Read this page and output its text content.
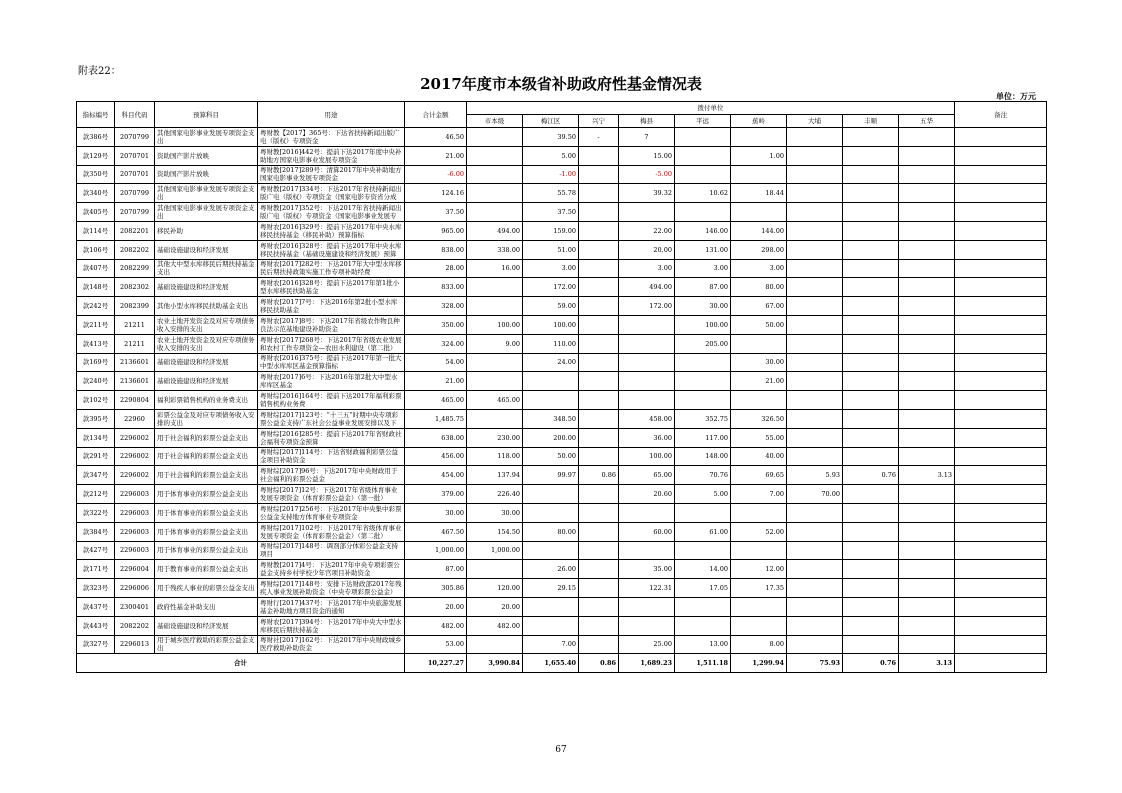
附表22：
2017年度市本级省补助政府性基金情况表
单位：万元
指标编号	科目代码	预算科目	用途	合计金额	拨付单位									备注
					市本级	梅江区	兴宁	梅县	平远	蕉岭	大埔	丰顺	五华	

款386号	2070799	其他国家电影事业发展专项资金支出	粤财教【2017】365号：下达省扶持新闻出版广电（版权）专项资金	46.50		39.50	-	7						

款129号	2070701	资助国产影片放映	粤财教[2016]442号：提前下达2017年度中央补助地方国家电影事业发展专项资金	21.00		5.00		15.00		1.00				

款350号	2070701	资助国产影片放映	粤财教[2017]289号：清算2017年中央补助地方国家电影事业发展专项资金	-6.00		-1.00		-5.00						

款340号	2070799	其他国家电影事业发展专项资金支出	粤财教[2017]334号：下达2017年省扶持新闻出版广电（版权）专项资金（国家电影专资省分成	124.16		55.78		39.32	10.62	18.44				

款405号	2070799	其他国家电影事业发展专项资金支出	粤财教[2017]352号：下达2017年省扶持新闻出版广电（版权）专项资金（国家电影事业发展专	37.50		37.50								

款114号	2082201	移民补助	粤财农[2016]329号：提前下达2017年中央水库移民扶持基金（移民补助）预算指标	965.00	494.00	159.00		22.00	146.00	144.00				

款106号	2082202	基础设施建设和经济发展	粤财农[2016]328号：提前下达2017年中央水库移民扶持基金（基础设施建设和经济发展）预算	838.00	338.00	51.00		20.00	131.00	298.00				

款407号	2082299	其他大中型水库移民后期扶持基金支出	粤财农[2017]282号：下达2017年大中型水库移民后期扶持政策实施工作专项补助经费	28.00	16.00	3.00		3.00	3.00	3.00				

款148号	2082302	基础设施建设和经济发展	粤财农[2016]328号：提前下达2017年第1批小型水库移民扶助基金	833.00		172.00		494.00	87.00	80.00				

款242号	2082399	其他小型水库移民扶助基金支出	粤财农[2017]7号：下达2016年第2批小型水库移民扶助基金	328.00		59.00		172.00	30.00	67.00				

款211号	21211	农业土地开发资金及对应专项债务收入安排的支出	粤财农[2017]8号：下达2017年省级农作物良种良法示范基地建设补助资金	350.00	100.00	100.00			100.00	50.00				

款413号	21211	农业土地开发资金及对应专项债务收入安排的支出	粤财农[2017]268号：下达2017年省级农业发展和农村工作专项资金—农田水利建设（第二批）	324.00	9.00	110.00			205.00					

款169号	2136601	基础设施建设和经济发展	粤财农[2016]375号：提前下达2017年第一批大中型水库库区基金预算指标	54.00		24.00				30.00				

款240号	2136601	基础设施建设和经济发展	粤财农[2017]6号：下达2016年第2批大中型水库库区基金	21.00						21.00				

款102号	2290804	福利彩票销售机构的业务费支出	粤财综[2016]164号：提前下达2017年福利彩票销售机构业务费	465.00	465.00									

款395号	22960	彩票公益金及对应专项债务收入安排的支出	粤财综[2017]123号：“十三五”时期中央专项彩票公益金支持广东社会公益事业发展安排以及下	1,485.75		348.50		458.00	352.75	326.50				

款134号	2296002	用于社会福利的彩票公益金支出	粤财综[2016]285号：提前下达2017年省财政社会福利专项资金预算	638.00	230.00	200.00		36.00	117.00	55.00				

款291号	2296002	用于社会福利的彩票公益金支出	粤财综[2017]114号：下达省财政福利彩票公益金项目补助资金	456.00	118.00	50.00		100.00	148.00	40.00				

款347号	2296002	用于社会福利的彩票公益金支出	粤财综[2017]96号：下达2017年中央财政用于社会福利的彩票公益金	454.00	137.94	99.97	0.86	65.00	70.76	69.65	5.93	0.76	3.13	

款212号	2296003	用于体育事业的彩票公益金支出	粤财综[2017]12号：下达2017年省级体育事业发展专项资金（体育彩票公益金）（第一批）	379.00	226.40			20.60	5.00	7.00	70.00			

款322号	2296003	用于体育事业的彩票公益金支出	粤财综[2017]256号：下达2017年中央集中彩票公益金支持地方体育事业专项资金	30.00	30.00									

款384号	2296003	用于体育事业的彩票公益金支出	粤财综[2017]102号：下达2017年省级体育事业发展专项资金（体育彩票公益金）（第二批）	467.50	154.50	80.00		60.00	61.00	52.00				

款427号	2296003	用于体育事业的彩票公益金支出	粤财综[2017]148号：调剂部分体彩公益金支持项目	1,000.00	1,000.00									

款171号	2296004	用于教育事业的彩票公益金支出	粤财教[2017]4号：下达2017年中央专项彩票公益金支持乡村学校少年宫项目补助资金	87.00		26.00		35.00	14.00	12.00				

款323号	2296006	用于残疾人事业的彩票公益金支出	粤财综[2017]148号：安排下达财政部2017年残疾人事业发展补助资金（中央专项彩票公益金）	305.86	120.00	29.15		122.31	17.05	17.35				

款437号	2300401	政府性基金补助支出	粤财行[2017]437号：下达2017年中央旅游发展基金补助地方项目资金的通知	20.00	20.00									

款443号	2082202	基础设施建设和经济发展	粤财农[2017]394号：下达2017年中央大中型水库移民后期扶持基金	482.00	482.00									

款327号	2296013	用于城乡医疗救助的彩票公益金支出	粤财社[2017]162号：下达2017年中央财政城乡医疗救助补助资金	53.00		7.00		25.00	13.00	8.00				

合计				10,227.27	3,990.84	1,655.40	0.86	1,689.23	1,511.18	1,299.94	75.93	0.76	3.13	
67
